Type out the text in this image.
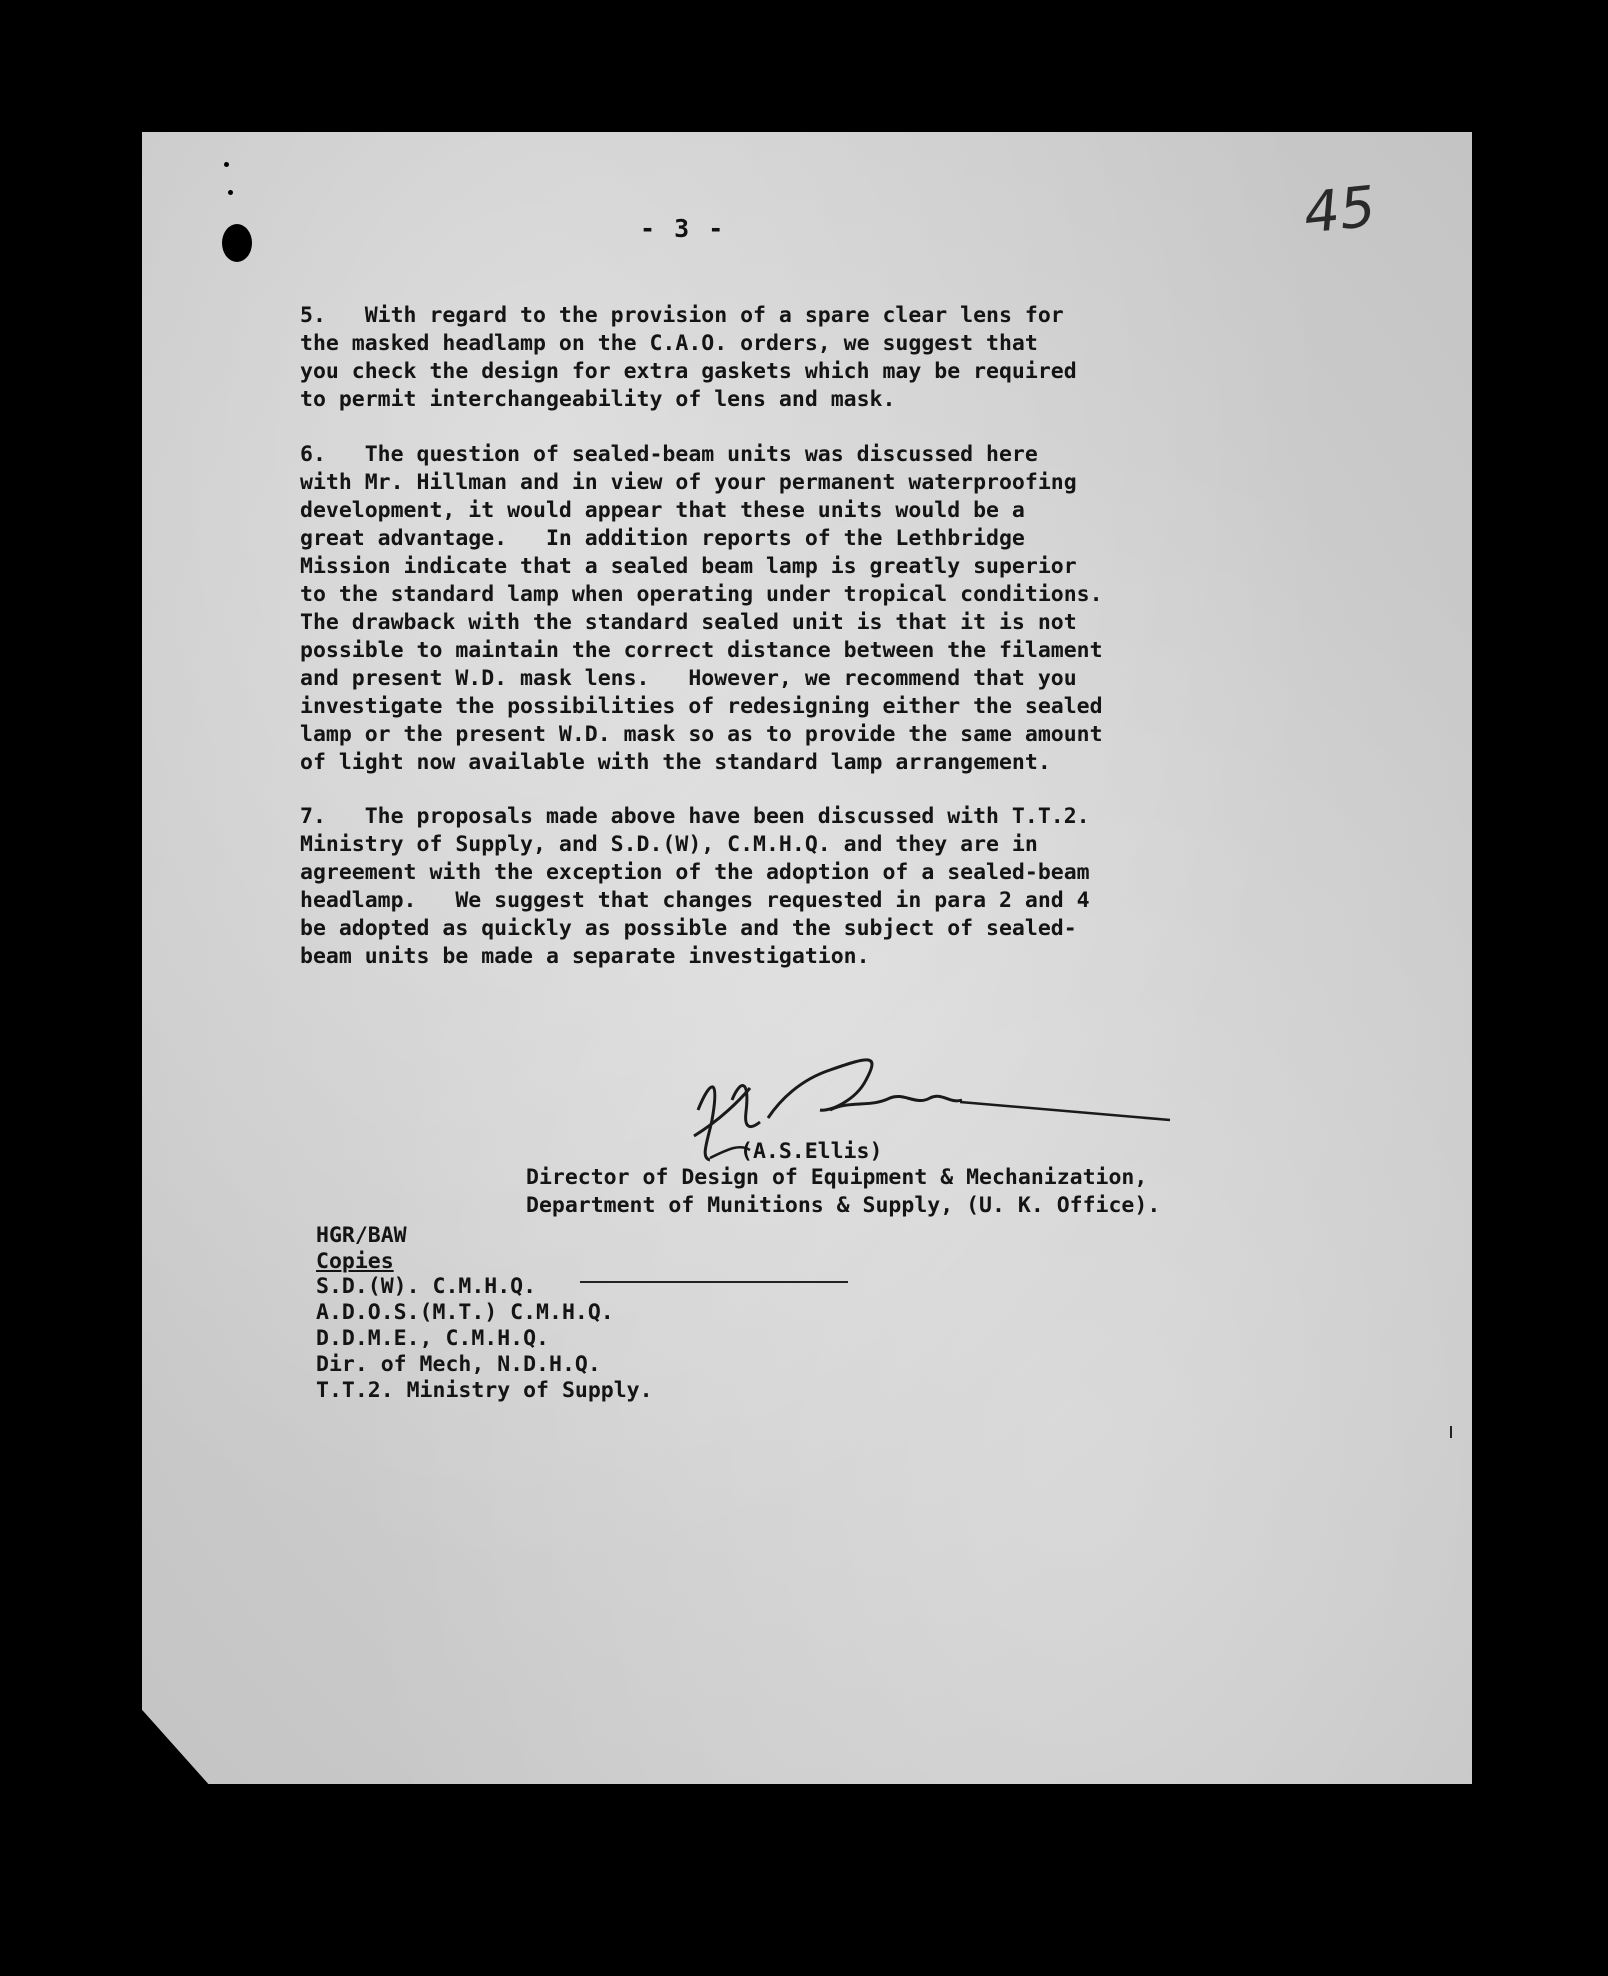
- 3 -	45
5.   With regard to the provision of a spare clear lens for
the masked headlamp on the C.A.O. orders, we suggest that
you check the design for extra gaskets which may be required
to permit interchangeability of lens and mask.
6.   The question of sealed-beam units was discussed here
with Mr. Hillman and in view of your permanent waterproofing
development, it would appear that these units would be a
great advantage.   In addition reports of the Lethbridge
Mission indicate that a sealed beam lamp is greatly superior
to the standard lamp when operating under tropical conditions.
The drawback with the standard sealed unit is that it is not
possible to maintain the correct distance between the filament
and present W.D. mask lens.   However, we recommend that you
investigate the possibilities of redesigning either the sealed
lamp or the present W.D. mask so as to provide the same amount
of light now available with the standard lamp arrangement.
7.   The proposals made above have been discussed with T.T.2.
Ministry of Supply, and S.D.(W), C.M.H.Q. and they are in
agreement with the exception of the adoption of a sealed-beam
headlamp.   We suggest that changes requested in para 2 and 4
be adopted as quickly as possible and the subject of sealed-
beam units be made a separate investigation.
(A.S.Ellis)
Director of Design of Equipment & Mechanization,
Department of Munitions & Supply, (U. K. Office).
HGR/BAW
Copies
S.D.(W). C.M.H.Q.
A.D.O.S.(M.T.) C.M.H.Q.
D.D.M.E., C.M.H.Q.
Dir. of Mech, N.D.H.Q.
T.T.2. Ministry of Supply.
